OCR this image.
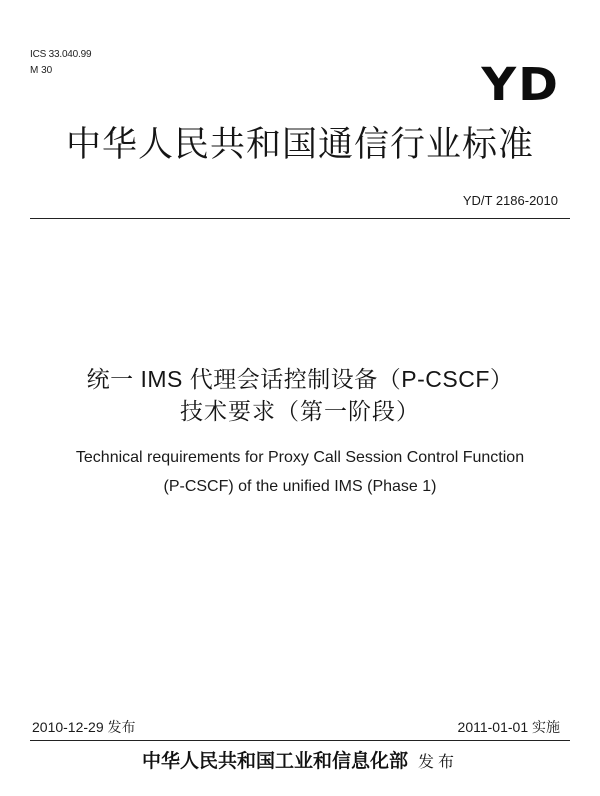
ICS 33.040.99
M 30	YD
中华人民共和国通信行业标准
YD/T 2186-2010
统一 IMS 代理会话控制设备（P-CSCF）
技术要求（第一阶段）
Technical requirements for Proxy Call Session Control Function
(P-CSCF) of the unified IMS (Phase 1)
2010-12-29 发布	2011-01-01 实施
中华人民共和国工业和信息化部 发布
